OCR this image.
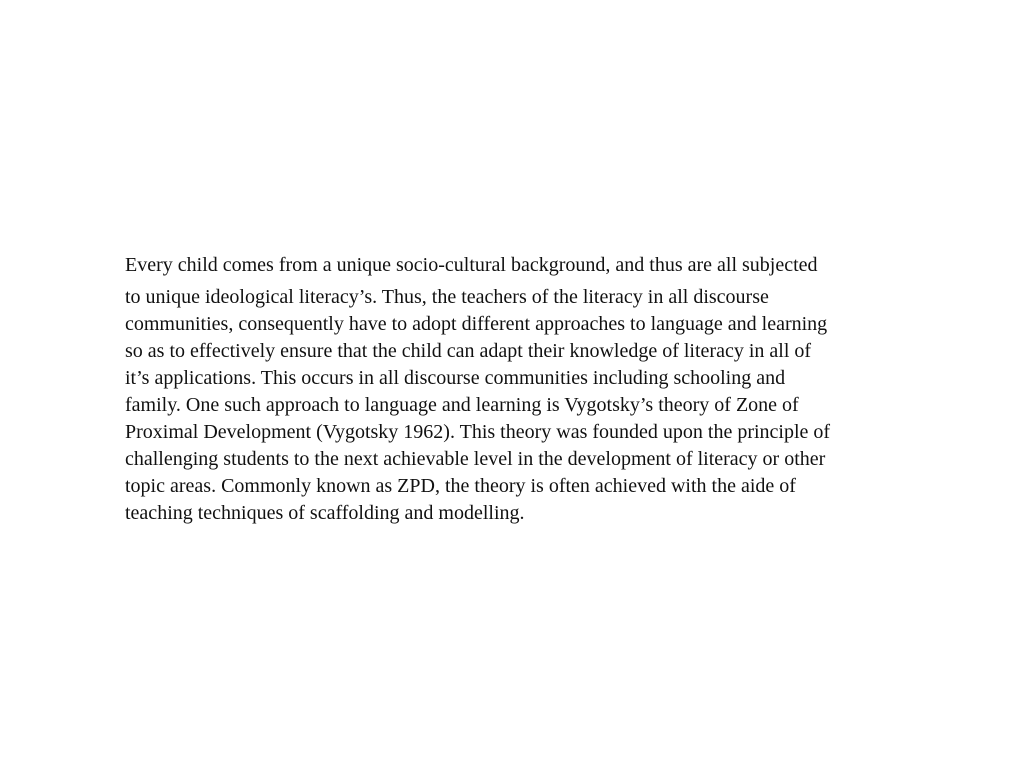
Every child comes from a unique socio-cultural background, and thus are all subjected
to unique ideological literacy’s. Thus, the teachers of the literacy in all discourse
communities, consequently have to adopt different approaches to language and learning
so as to effectively ensure that the child can adapt their knowledge of literacy in all of
it’s applications. This occurs in all discourse communities including schooling and
family. One such approach to language and learning is Vygotsky’s theory of Zone of
Proximal Development (Vygotsky 1962). This theory was founded upon the principle of
challenging students to the next achievable level in the development of literacy or other
topic areas. Commonly known as ZPD, the theory is often achieved with the aide of
teaching techniques of scaffolding and modelling.
